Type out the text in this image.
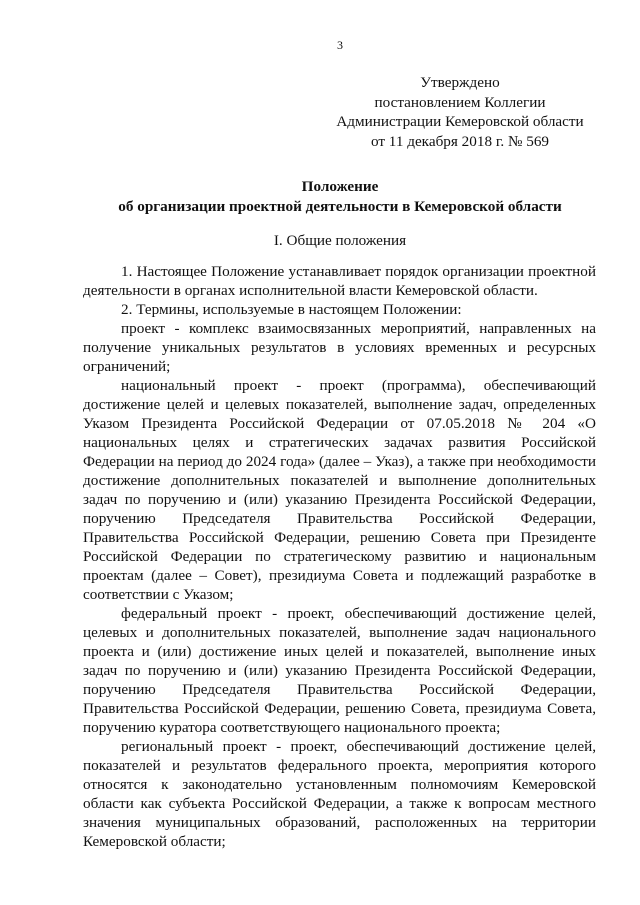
3
Утверждено
постановлением Коллегии
Администрации Кемеровской области
от 11 декабря 2018 г. № 569
Положение
об организации проектной деятельности в Кемеровской области
I. Общие положения

1. Настоящее Положение устанавливает порядок организации проектной деятельности в органах исполнительной власти Кемеровской области.

2. Термины, используемые в настоящем Положении:

проект - комплекс взаимосвязанных мероприятий, направленных на получение уникальных результатов в условиях временных и ресурсных ограничений;

национальный проект - проект (программа), обеспечивающий достижение целей и целевых показателей, выполнение задач, определенных Указом Президента Российской Федерации от 07.05.2018 № 204 «О национальных целях и стратегических задачах развития Российской Федерации на период до 2024 года» (далее – Указ), а также при необходимости достижение дополнительных показателей и выполнение дополнительных задач по поручению и (или) указанию Президента Российской Федерации, поручению Председателя Правительства Российской Федерации, Правительства Российской Федерации, решению Совета при Президенте Российской Федерации по стратегическому развитию и национальным проектам (далее – Совет), президиума Совета и подлежащий разработке в соответствии с Указом;

федеральный проект - проект, обеспечивающий достижение целей, целевых и дополнительных показателей, выполнение задач национального проекта и (или) достижение иных целей и показателей, выполнение иных задач по поручению и (или) указанию Президента Российской Федерации, поручению Председателя Правительства Российской Федерации, Правительства Российской Федерации, решению Совета, президиума Совета, поручению куратора соответствующего национального проекта;

региональный проект - проект, обеспечивающий достижение целей, показателей и результатов федерального проекта, мероприятия которого относятся к законодательно установленным полномочиям Кемеровской области как субъекта Российской Федерации, а также к вопросам местного значения муниципальных образований, расположенных на территории Кемеровской области;
